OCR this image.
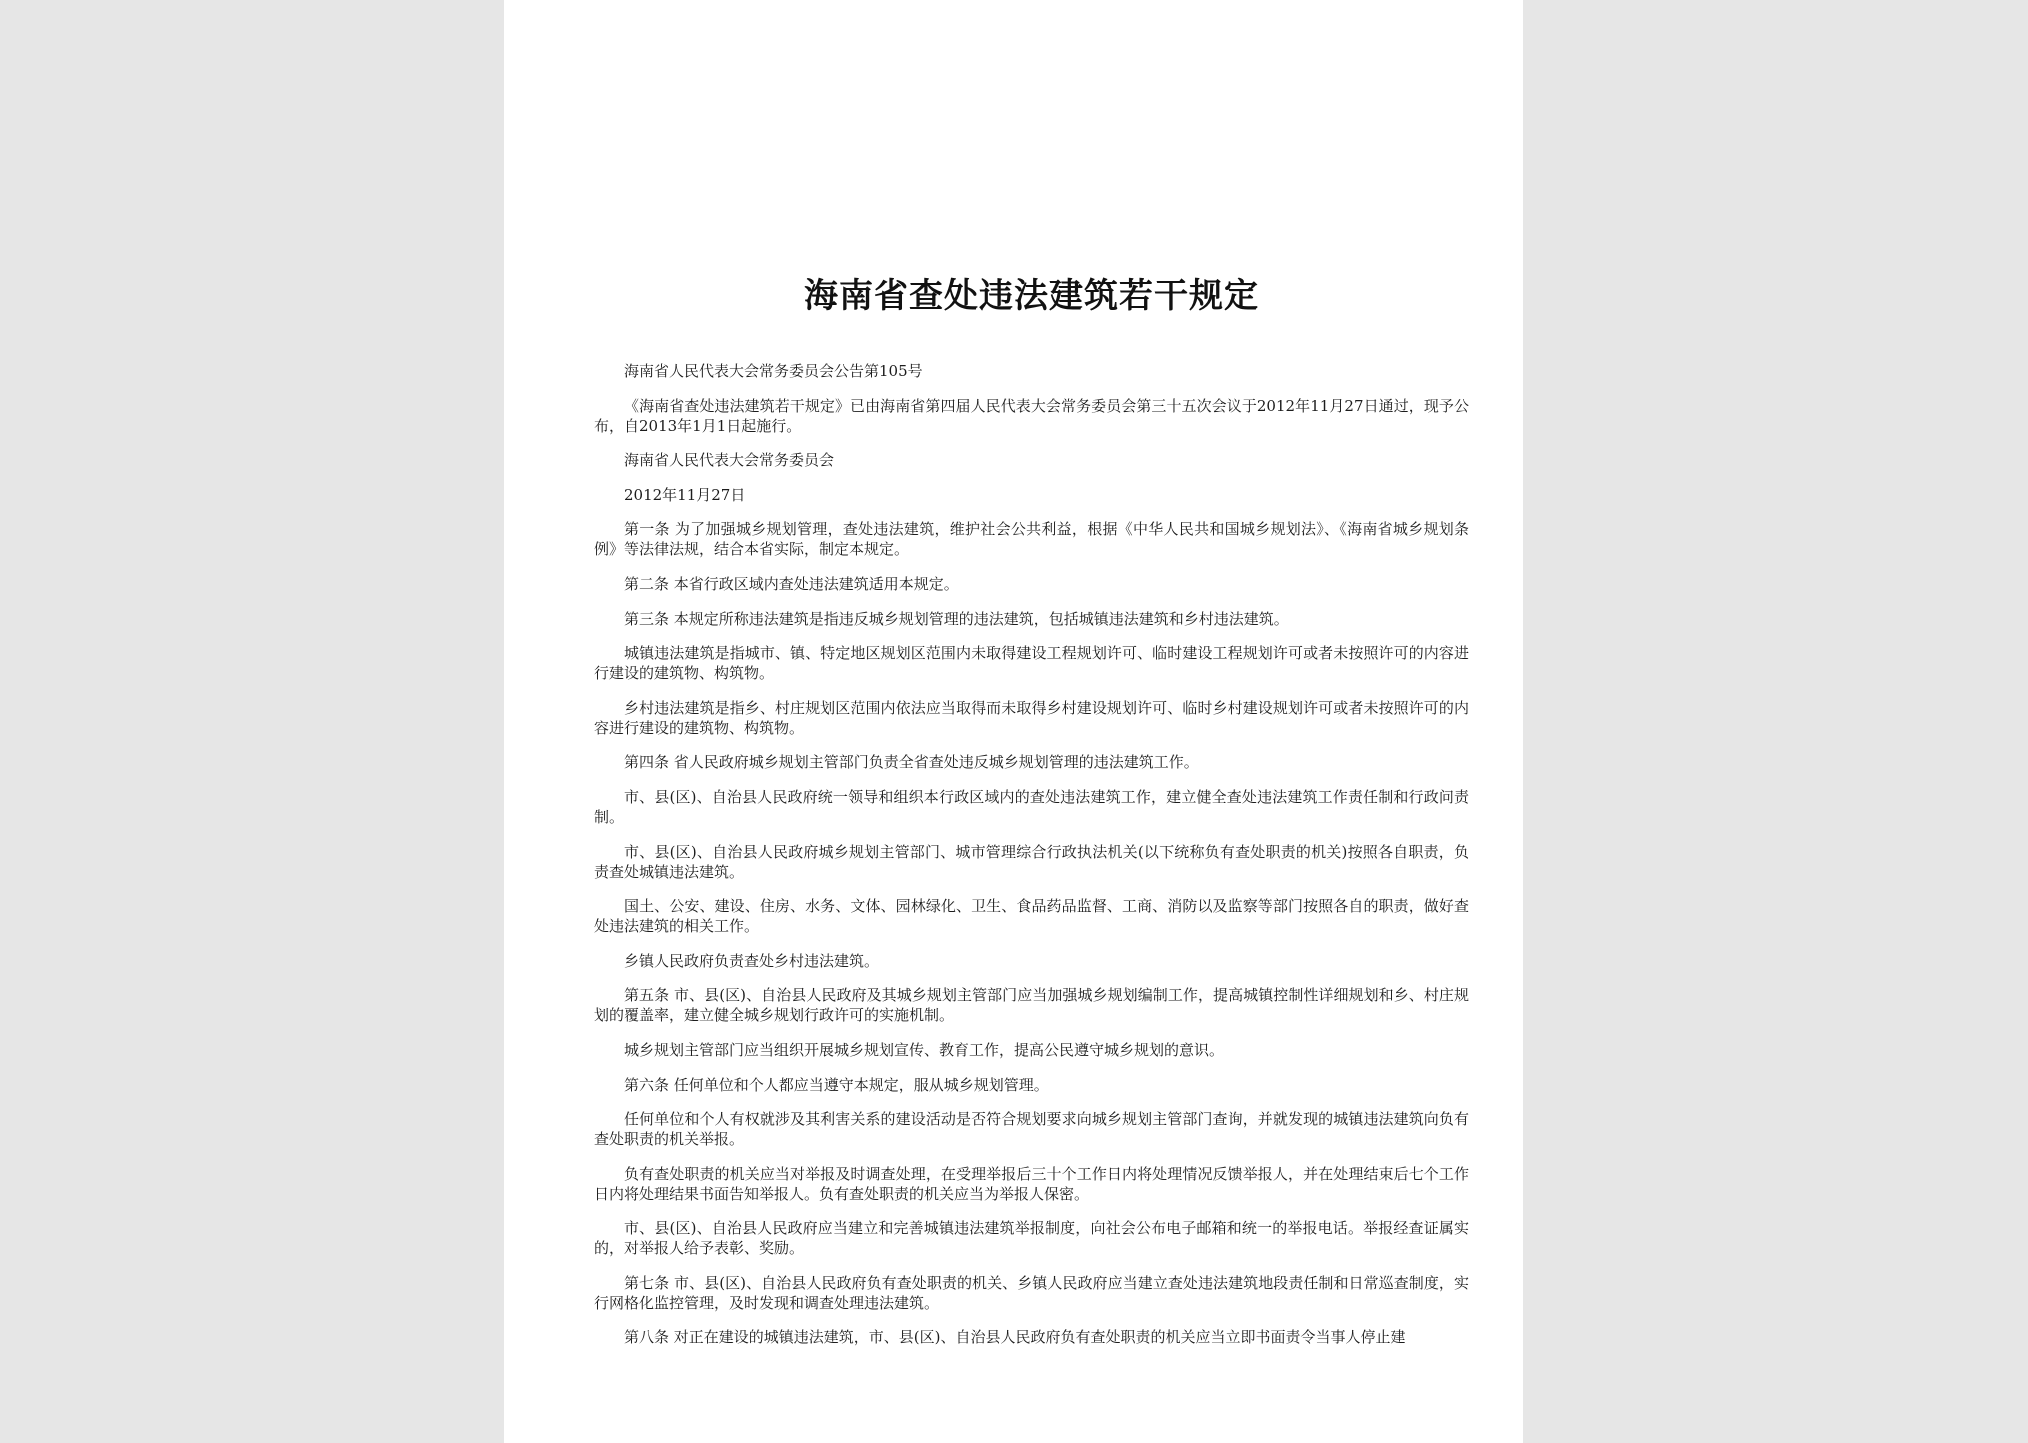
海南省查处违法建筑若干规定

海南省人民代表大会常务委员会公告第105号

《海南省查处违法建筑若干规定》已由海南省第四届人民代表大会常务委员会第三十五次会议于2012年11月27日通过，现予公布，自2013年1月1日起施行。

海南省人民代表大会常务委员会

2012年11月27日

第一条 为了加强城乡规划管理，查处违法建筑，维护社会公共利益，根据《中华人民共和国城乡规划法》、《海南省城乡规划条例》等法律法规，结合本省实际，制定本规定。

第二条 本省行政区域内查处违法建筑适用本规定。

第三条 本规定所称违法建筑是指违反城乡规划管理的违法建筑，包括城镇违法建筑和乡村违法建筑。

城镇违法建筑是指城市、镇、特定地区规划区范围内未取得建设工程规划许可、临时建设工程规划许可或者未按照许可的内容进行建设的建筑物、构筑物。

乡村违法建筑是指乡、村庄规划区范围内依法应当取得而未取得乡村建设规划许可、临时乡村建设规划许可或者未按照许可的内容进行建设的建筑物、构筑物。

第四条 省人民政府城乡规划主管部门负责全省查处违反城乡规划管理的违法建筑工作。

市、县(区)、自治县人民政府统一领导和组织本行政区域内的查处违法建筑工作，建立健全查处违法建筑工作责任制和行政问责制。

市、县(区)、自治县人民政府城乡规划主管部门、城市管理综合行政执法机关(以下统称负有查处职责的机关)按照各自职责，负责查处城镇违法建筑。

国土、公安、建设、住房、水务、文体、园林绿化、卫生、食品药品监督、工商、消防以及监察等部门按照各自的职责，做好查处违法建筑的相关工作。

乡镇人民政府负责查处乡村违法建筑。

第五条 市、县(区)、自治县人民政府及其城乡规划主管部门应当加强城乡规划编制工作，提高城镇控制性详细规划和乡、村庄规划的覆盖率，建立健全城乡规划行政许可的实施机制。

城乡规划主管部门应当组织开展城乡规划宣传、教育工作，提高公民遵守城乡规划的意识。

第六条 任何单位和个人都应当遵守本规定，服从城乡规划管理。

任何单位和个人有权就涉及其利害关系的建设活动是否符合规划要求向城乡规划主管部门查询，并就发现的城镇违法建筑向负有查处职责的机关举报。

负有查处职责的机关应当对举报及时调查处理，在受理举报后三十个工作日内将处理情况反馈举报人，并在处理结束后七个工作日内将处理结果书面告知举报人。负有查处职责的机关应当为举报人保密。

市、县(区)、自治县人民政府应当建立和完善城镇违法建筑举报制度，向社会公布电子邮箱和统一的举报电话。举报经查证属实的，对举报人给予表彰、奖励。

第七条 市、县(区)、自治县人民政府负有查处职责的机关、乡镇人民政府应当建立查处违法建筑地段责任制和日常巡查制度，实行网格化监控管理，及时发现和调查处理违法建筑。

第八条 对正在建设的城镇违法建筑，市、县(区)、自治县人民政府负有查处职责的机关应当立即书面责令当事人停止建
